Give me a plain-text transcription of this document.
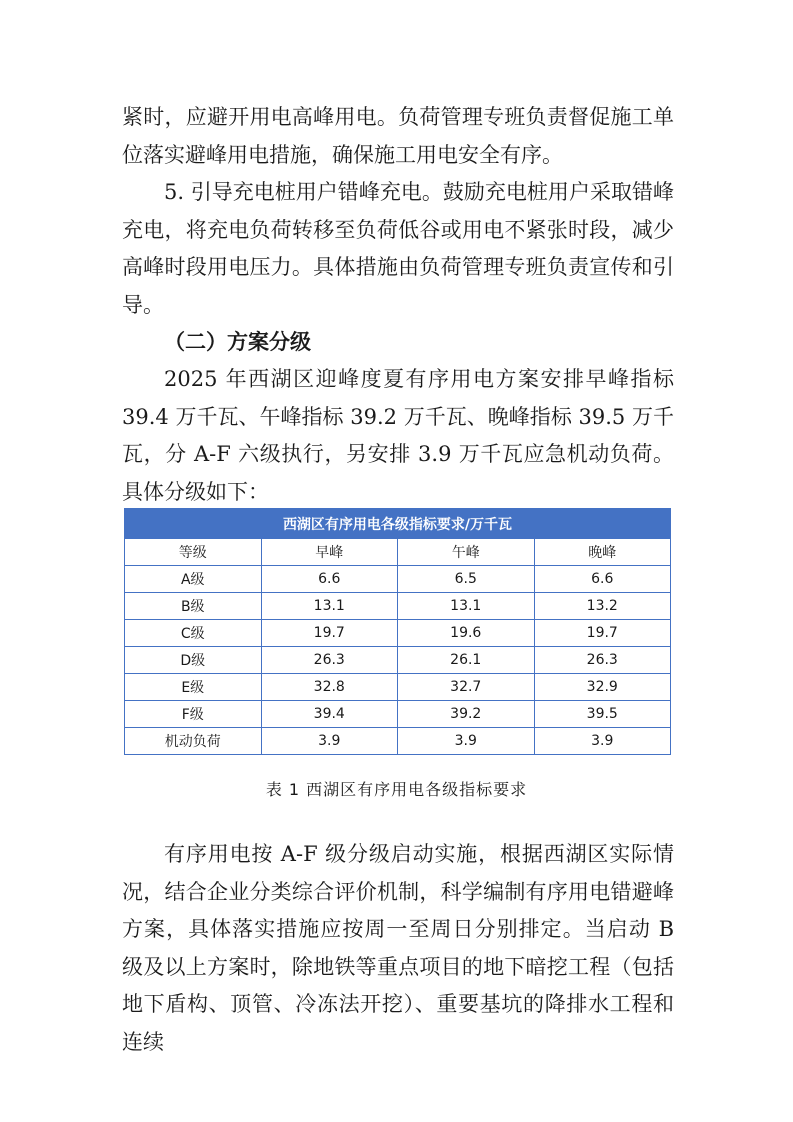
紧时，应避开用电高峰用电。负荷管理专班负责督促施工单位落实避峰用电措施，确保施工用电安全有序。

5. 引导充电桩用户错峰充电。鼓励充电桩用户采取错峰充电，将充电负荷转移至负荷低谷或用电不紧张时段，减少高峰时段用电压力。具体措施由负荷管理专班负责宣传和引导。

（二）方案分级

2025 年西湖区迎峰度夏有序用电方案安排早峰指标 39.4 万千瓦、午峰指标 39.2 万千瓦、晚峰指标 39.5 万千瓦，分 A-F 六级执行，另安排 3.9 万千瓦应急机动负荷。具体分级如下：

西湖区有序用电各级指标要求/万千瓦			
等级	早峰	午峰	晚峰
A级	6.6	6.5	6.6
B级	13.1	13.1	13.2
C级	19.7	19.6	19.7
D级	26.3	26.1	26.3
E级	32.8	32.7	32.9
F级	39.4	39.2	39.5
机动负荷	3.9	3.9	3.9
表 1 西湖区有序用电各级指标要求

有序用电按 A-F 级分级启动实施，根据西湖区实际情况，结合企业分类综合评价机制，科学编制有序用电错避峰方案，具体落实措施应按周一至周日分别排定。当启动 B 级及以上方案时，除地铁等重点项目的地下暗挖工程（包括地下盾构、顶管、冷冻法开挖）、重要基坑的降排水工程和连续
